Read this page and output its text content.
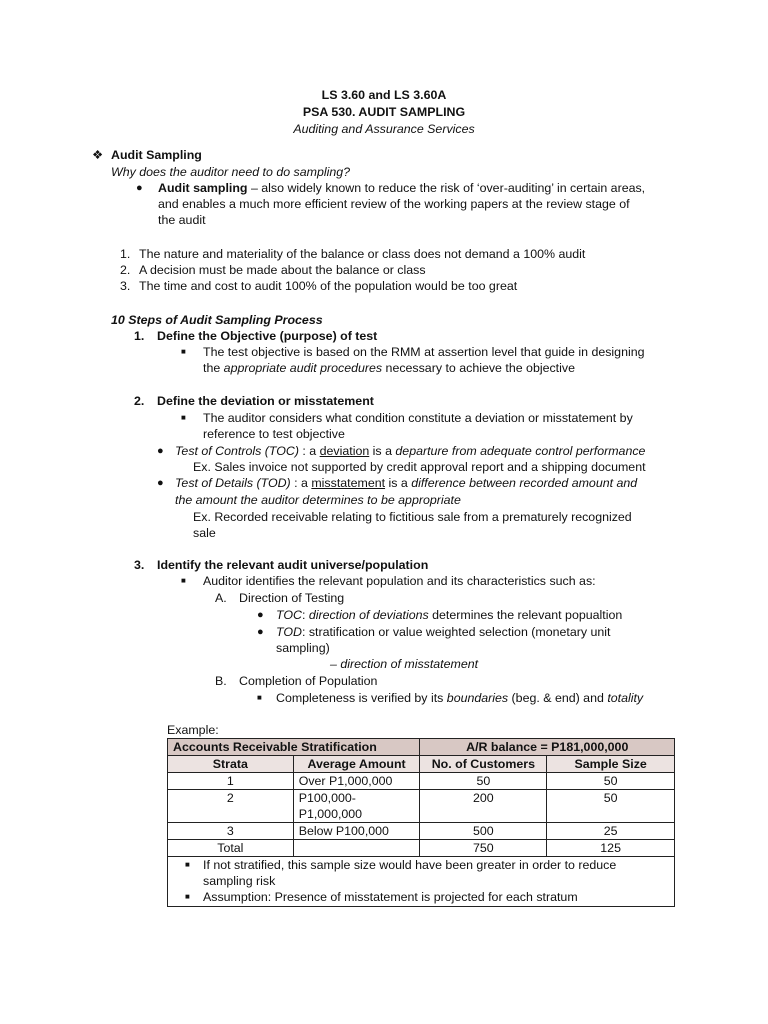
LS 3.60 and LS 3.60A
PSA 530. AUDIT SAMPLING
Auditing and Assurance Services
❖ Audit Sampling
Why does the auditor need to do sampling?
● Audit sampling – also widely known to reduce the risk of ‘over-auditing’ in certain areas,
and enables a much more efficient review of the working papers at the review stage of
the audit
1. The nature and materiality of the balance or class does not demand a 100% audit
2. A decision must be made about the balance or class
3. The time and cost to audit 100% of the population would be too great
10 Steps of Audit Sampling Process
1. Define the Objective (purpose) of test
■ The test objective is based on the RMM at assertion level that guide in designing
the appropriate audit procedures necessary to achieve the objective
2. Define the deviation or misstatement
■ The auditor considers what condition constitute a deviation or misstatement by
reference to test objective
● Test of Controls (TOC) : a deviation is a departure from adequate control performance
Ex. Sales invoice not supported by credit approval report and a shipping document
● Test of Details (TOD) : a misstatement is a difference between recorded amount and
the amount the auditor determines to be appropriate
Ex. Recorded receivable relating to fictitious sale from a prematurely recognized
sale
3. Identify the relevant audit universe/population
■ Auditor identifies the relevant population and its characteristics such as:
A. Direction of Testing
● TOC: direction of deviations determines the relevant popualtion
● TOD: stratification or value weighted selection (monetary unit
sampling)
– direction of misstatement
B. Completion of Population
■ Completeness is verified by its boundaries (beg. & end) and totality
Example:
Accounts Receivable Stratification		A/R balance = P181,000,000	
Strata	Average Amount	No. of Customers	Sample Size
1	Over P1,000,000	50	50
2	P100,000-
P1,000,000	200	50
3	Below P100,000	500	25
Total		750	125

■ If not stratified, this sample size would have been greater in order to reduce
sampling risk
■ Assumption: Presence of misstatement is projected for each stratum			
